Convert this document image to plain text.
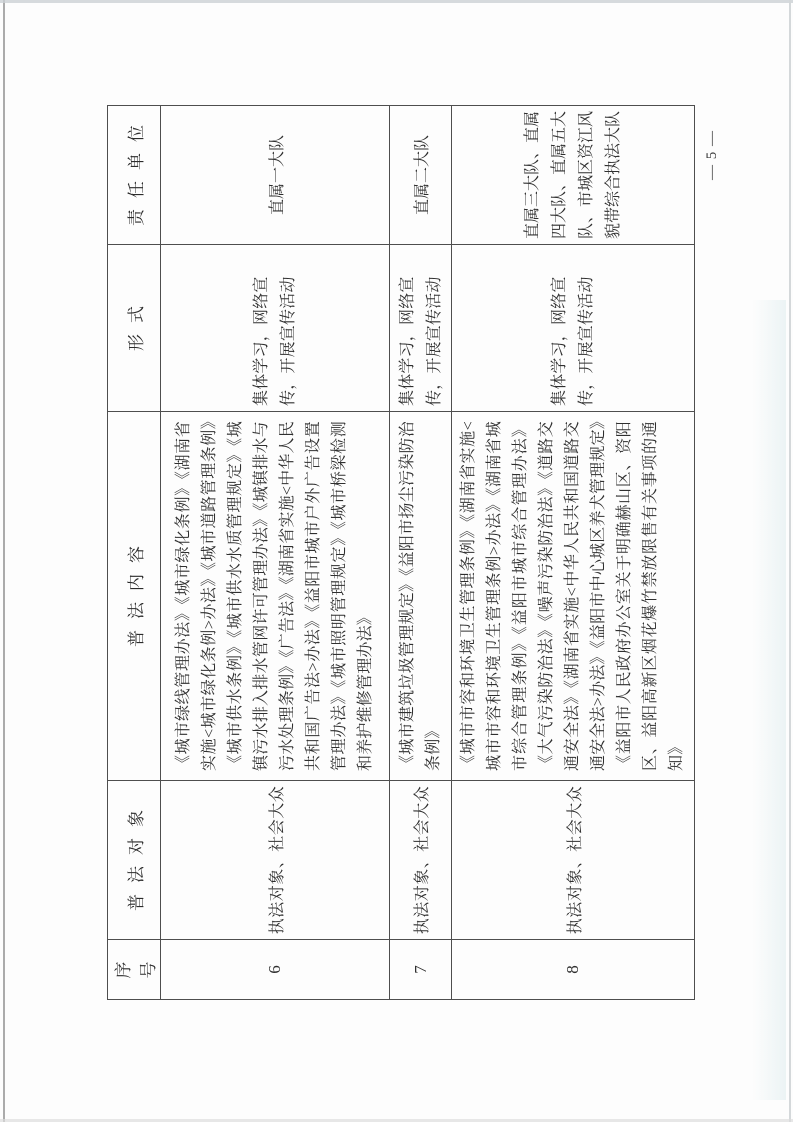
序号	普法对象	普法内容	形式	责任单位
6	执法对象、社会大众	《城市绿线管理办法》《城市绿化条例》《湖南省实施<城市绿化条例>办法》《城市道路管理条例》《城市供水条例》《城市供水水质管理规定》《城镇污水排入排水管网许可管理办法》《城镇排水与污水处理条例》《广告法》《湖南省实施<中华人民共和国广告法>办法》《益阳市城市户外广告设置管理办法》《城市照明管理规定》《城市桥梁检测和养护维修管理办法》	集体学习，网络宣传，开展宣传活动	直属一大队
7	执法对象、社会大众	《城市建筑垃圾管理规定》《益阳市扬尘污染防治条例》	集体学习，网络宣传，开展宣传活动	直属二大队
8	执法对象、社会大众	《城市市容和环境卫生管理条例》《湖南省实施<城市市容和环境卫生管理条例>办法》《湖南省城市综合管理条例》《益阳市城市综合管理办法》《大气污染防治法》《噪声污染防治法》《道路交通安全法》《湖南省实施<中华人民共和国道路交通安全法>办法》《益阳市中心城区养犬管理规定》《益阳市人民政府办公室关于明确赫山区、资阳区、益阳高新区烟花爆竹禁放限售有关事项的通知》	集体学习，网络宣传，开展宣传活动	直属三大队、直属四大队、直属五大队、市城区资江风貌带综合执法大队	— 5 —
